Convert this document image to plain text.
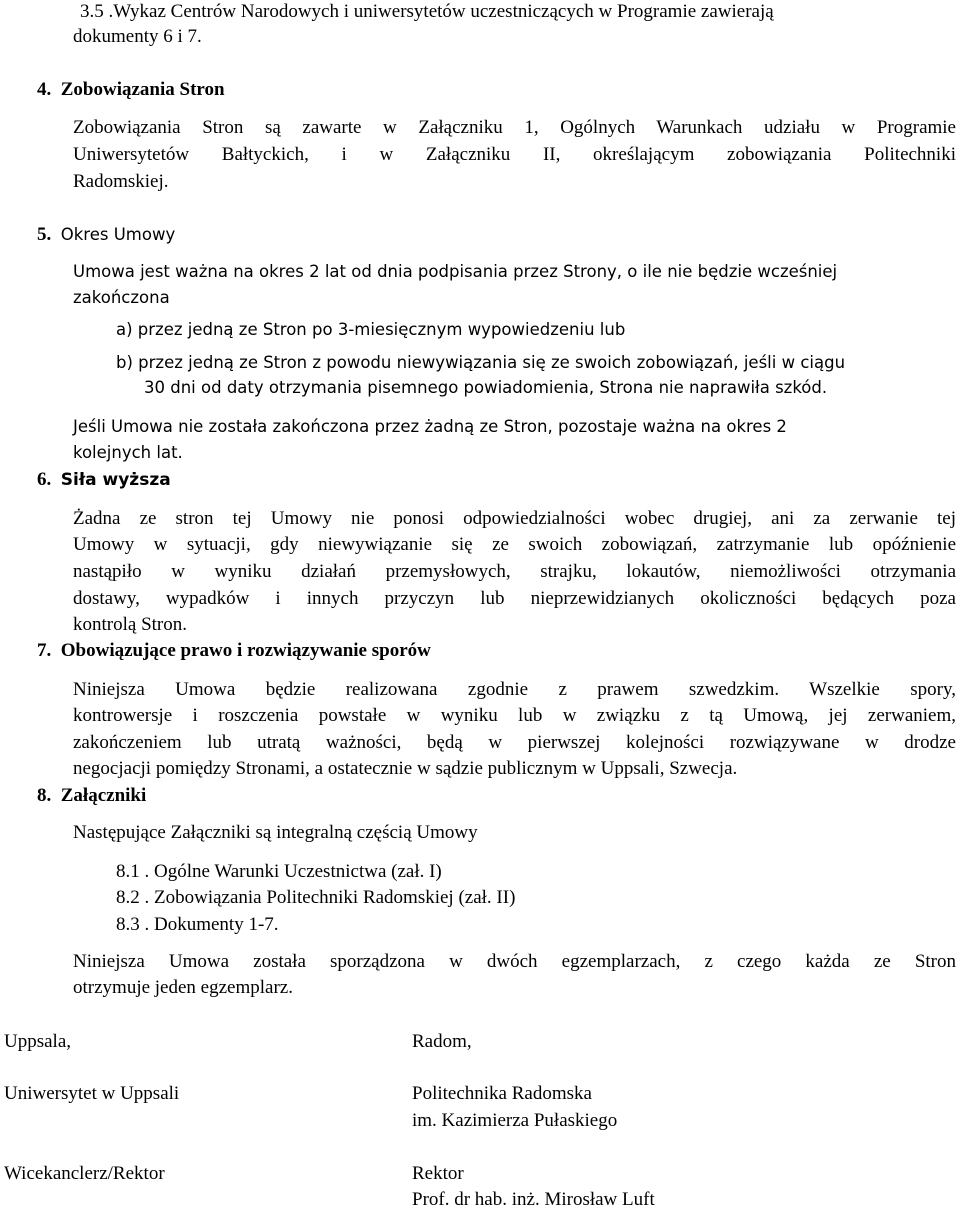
3.5 .Wykaz Centrów Narodowych i uniwersytetów uczestniczących w Programie zawierają

dokumenty 6 i 7.

4. Zobowiązania Stron

Zobowiązania Stron są zawarte w Załączniku 1, Ogólnych Warunkach udziału w Programie

Uniwersytetów Bałtyckich, i w Załączniku II, określającym zobowiązania Politechniki

Radomskiej.

5. Okres Umowy

Umowa jest ważna na okres 2 lat od dnia podpisania przez Strony, o ile nie będzie wcześniej

zakończona

a) przez jedną ze Stron po 3-miesięcznym wypowiedzeniu lub

b) przez jedną ze Stron z powodu niewywiązania się ze swoich zobowiązań, jeśli w ciągu

30 dni od daty otrzymania pisemnego powiadomienia, Strona nie naprawiła szkód.

Jeśli Umowa nie została zakończona przez żadną ze Stron, pozostaje ważna na okres 2

kolejnych lat.

6. Siła wyższa

Żadna ze stron tej Umowy nie ponosi odpowiedzialności wobec drugiej, ani za zerwanie tej

Umowy w sytuacji, gdy niewywiązanie się ze swoich zobowiązań, zatrzymanie lub opóźnienie

nastąpiło w wyniku działań przemysłowych, strajku, lokautów, niemożliwości otrzymania

dostawy, wypadków i innych przyczyn lub nieprzewidzianych okoliczności będących poza

kontrolą Stron.

7. Obowiązujące prawo i rozwiązywanie sporów

Niniejsza Umowa będzie realizowana zgodnie z prawem szwedzkim. Wszelkie spory,

kontrowersje i roszczenia powstałe w wyniku lub w związku z tą Umową, jej zerwaniem,

zakończeniem lub utratą ważności, będą w pierwszej kolejności rozwiązywane w drodze

negocjacji pomiędzy Stronami, a ostatecznie w sądzie publicznym w Uppsali, Szwecja.

8. Załączniki

Następujące Załączniki są integralną częścią Umowy

8.1 . Ogólne Warunki Uczestnictwa (zał. I)

8.2 . Zobowiązania Politechniki Radomskiej (zał. II)

8.3 . Dokumenty 1-7.

Niniejsza Umowa została sporządzona w dwóch egzemplarzach, z czego każda ze Stron

otrzymuje jeden egzemplarz.

Uppsala,

Uniwersytet w Uppsali

Wicekanclerz/Rektor

Radom,

Politechnika Radomska

im. Kazimierza Pułaskiego

Rektor

Prof. dr hab. inż. Mirosław Luft
